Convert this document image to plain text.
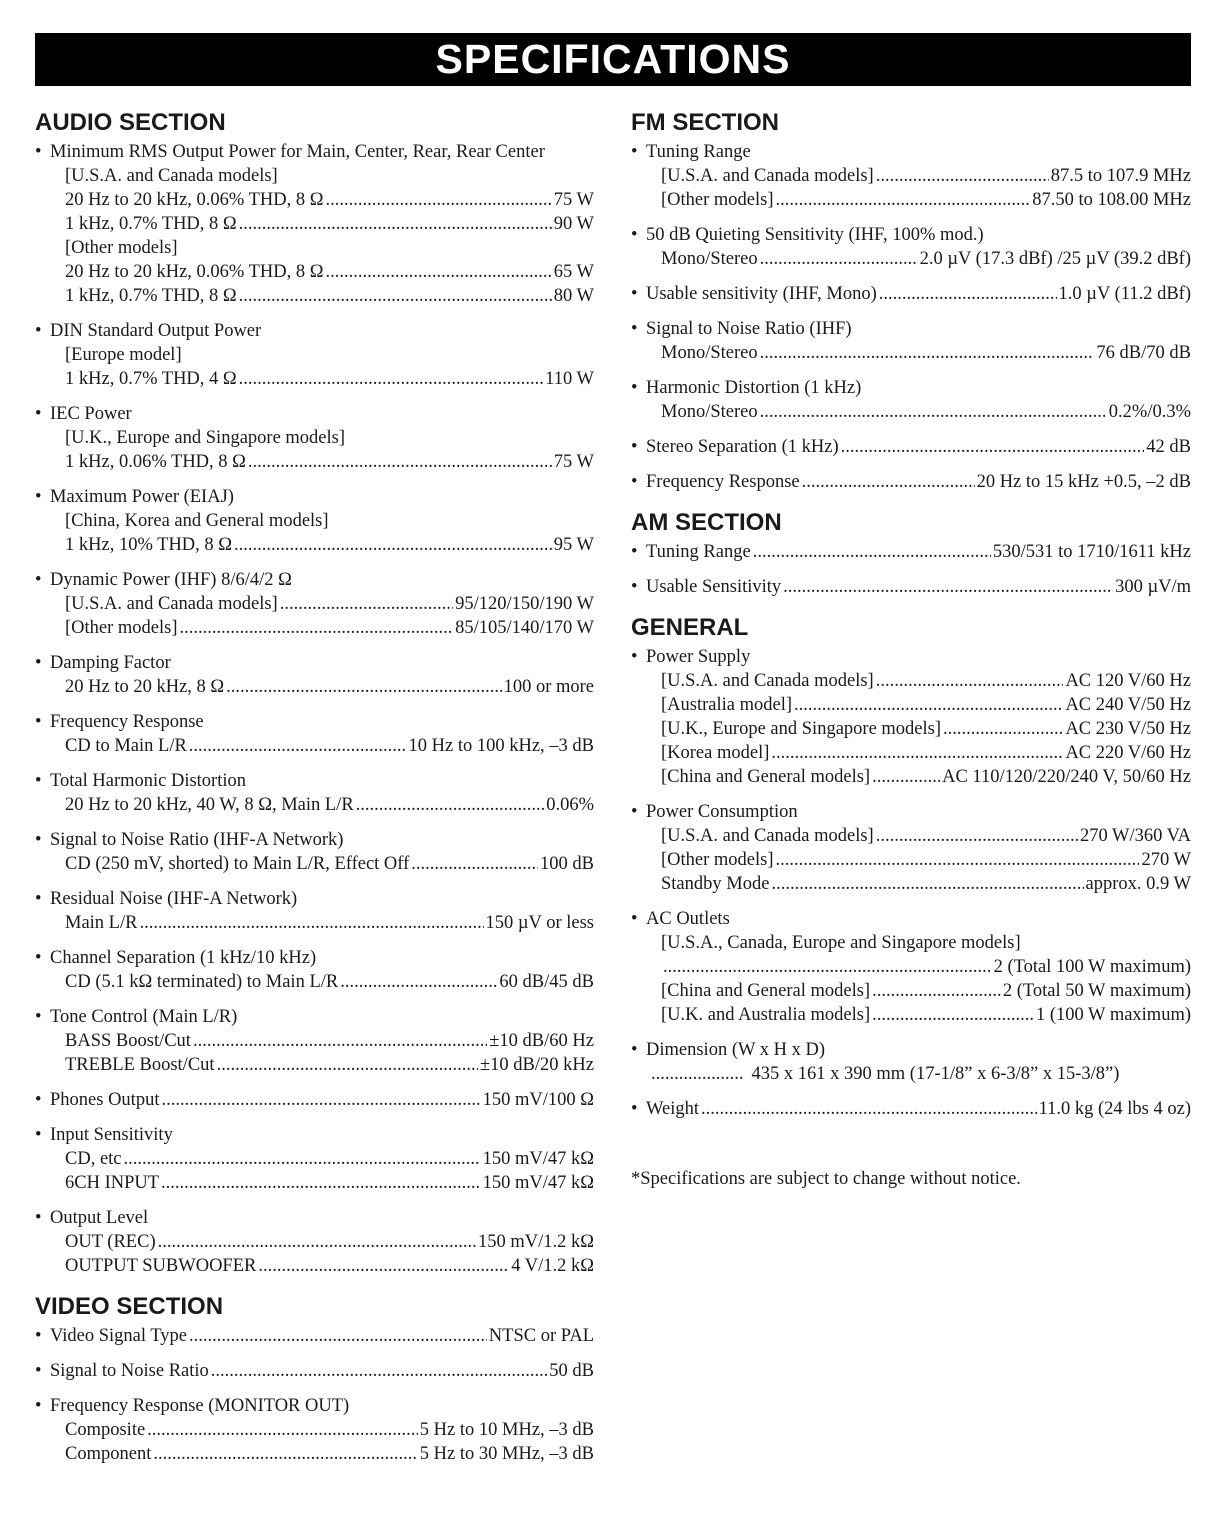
SPECIFICATIONS
AUDIO SECTION
• Minimum RMS Output Power for Main, Center, Rear, Rear Center
[U.S.A. and Canada models]
20 Hz to 20 kHz, 0.06% THD, 8 Ω .....	75 W
1 kHz, 0.7% THD, 8 Ω .....	90 W
[Other models]
20 Hz to 20 kHz, 0.06% THD, 8 Ω .....	65 W
1 kHz, 0.7% THD, 8 Ω .....	80 W
• DIN Standard Output Power
[Europe model]
1 kHz, 0.7% THD, 4 Ω .....	110 W
• IEC Power
[U.K., Europe and Singapore models]
1 kHz, 0.06% THD, 8 Ω .....	75 W
• Maximum Power (EIAJ)
[China, Korea and General models]
1 kHz, 10% THD, 8 Ω .....	95 W
• Dynamic Power (IHF) 8/6/4/2 Ω
[U.S.A. and Canada models] .....	95/120/150/190 W
[Other models] .....	85/105/140/170 W
• Damping Factor
20 Hz to 20 kHz, 8 Ω .....	100 or more
• Frequency Response
CD to Main L/R .....	10 Hz to 100 kHz, –3 dB
• Total Harmonic Distortion
20 Hz to 20 kHz, 40 W, 8 Ω, Main L/R .....	0.06%
• Signal to Noise Ratio (IHF-A Network)
CD (250 mV, shorted) to Main L/R, Effect Off .....	100 dB
• Residual Noise (IHF-A Network)
Main L/R .....	150 µV or less
• Channel Separation (1 kHz/10 kHz)
CD (5.1 kΩ terminated) to Main L/R .....	60 dB/45 dB
• Tone Control (Main L/R)
BASS Boost/Cut .....	±10 dB/60 Hz
TREBLE Boost/Cut .....	±10 dB/20 kHz
• Phones Output .....	150 mV/100 Ω
• Input Sensitivity
CD, etc .....	150 mV/47 kΩ
6CH INPUT .....	150 mV/47 kΩ
• Output Level
OUT (REC) .....	150 mV/1.2 kΩ
OUTPUT SUBWOOFER .....	4 V/1.2 kΩ
VIDEO SECTION
• Video Signal Type .....	NTSC or PAL
• Signal to Noise Ratio .....	50 dB
• Frequency Response (MONITOR OUT)
Composite .....	5 Hz to 10 MHz, –3 dB
Component .....	5 Hz to 30 MHz, –3 dB
FM SECTION
• Tuning Range
[U.S.A. and Canada models] .....	87.5 to 107.9 MHz
[Other models] .....	87.50 to 108.00 MHz
• 50 dB Quieting Sensitivity (IHF, 100% mod.)
Mono/Stereo .....	2.0 µV (17.3 dBf) /25 µV (39.2 dBf)
• Usable sensitivity (IHF, Mono) .....	1.0 µV (11.2 dBf)
• Signal to Noise Ratio (IHF)
Mono/Stereo .....	76 dB/70 dB
• Harmonic Distortion (1 kHz)
Mono/Stereo .....	0.2%/0.3%
• Stereo Separation (1 kHz) .....	42 dB
• Frequency Response .....	20 Hz to 15 kHz +0.5, –2 dB
AM SECTION
• Tuning Range .....	530/531 to 1710/1611 kHz
• Usable Sensitivity .....	300 µV/m
GENERAL
• Power Supply
[U.S.A. and Canada models] .....	AC 120 V/60 Hz
[Australia model] .....	AC 240 V/50 Hz
[U.K., Europe and Singapore models] .....	AC 230 V/50 Hz
[Korea model] .....	AC 220 V/60 Hz
[China and General models] .....	AC 110/120/220/240 V, 50/60 Hz
• Power Consumption
[U.S.A. and Canada models] .....	270 W/360 VA
[Other models] .....	270 W
Standby Mode .....	approx. 0.9 W
• AC Outlets
[U.S.A., Canada, Europe and Singapore models]
.....
2 (Total 100 W maximum)
[China and General models] .....	2 (Total 50 W maximum)
[U.K. and Australia models] .....	1 (100 W maximum)
• Dimension (W x H x D)
.................... 435 x 161 x 390 mm (17-1/8” x 6-3/8” x 15-3/8”)
• Weight .....	11.0 kg (24 lbs 4 oz)
*Specifications are subject to change without notice.
